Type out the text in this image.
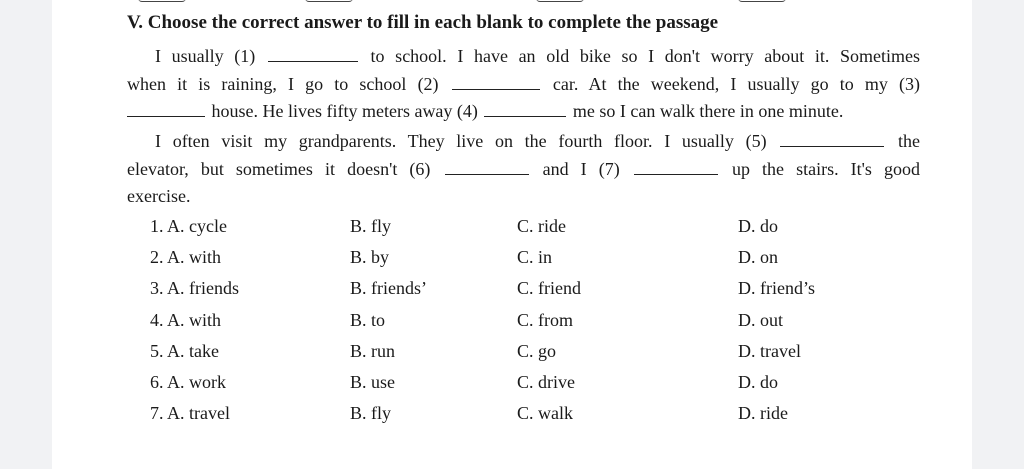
V. Choose the correct answer to fill in each blank to complete the passage
I usually (1)	to school. I have an old bike so I don't worry about it. Sometimes
when it is raining, I go to school (2)	car. At the weekend, I usually go to my (3)
house. He lives fifty meters away (4)	me so I can walk there in one minute.
I often visit my grandparents. They live on the fourth floor. I usually (5)	the
elevator, but sometimes it doesn't (6)	and I (7)	up the stairs. It's good
exercise.
1. A. cycle	B. fly	C. ride	D. do
2. A. with	B. by	C. in	D. on
3. A. friends	B. friends’	C. friend	D. friend’s
4. A. with	B. to	C. from	D. out
5. A. take	B. run	C. go	D. travel
6. A. work	B. use	C. drive	D. do
7. A. travel	B. fly	C. walk	D. ride
